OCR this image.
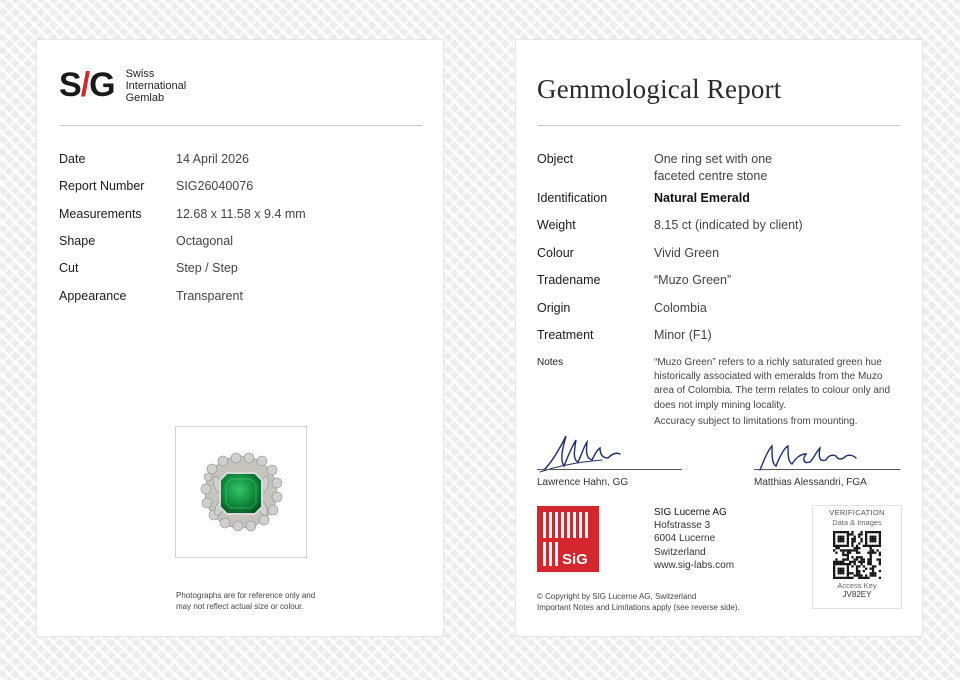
S/G Swiss
International
Gemlab
Date	14 April 2026
Report Number	SIG26040076
Measurements	12.68 x 11.58 x 9.4 mm
Shape	Octagonal
Cut	Step / Step
Appearance	Transparent
Photographs are for reference only and
may not reflect actual size or colour.
Gemmological Report
Object	One ring set with one
faceted centre stone
Identification	Natural Emerald
Weight	8.15 ct (indicated by client)
Colour	Vivid Green
Tradename	“Muzo Green”
Origin	Colombia
Treatment	Minor (F1)
Notes	“Muzo Green” refers to a richly saturated green hue
historically associated with emeralds from the Muzo
area of Colombia. The term relates to colour only and
does not imply mining locality.
Accuracy subject to limitations from mounting.
Lawrence Hahn, GG	Matthias Alessandri, FGA
SiG
SIG Lucerne AG
Hofstrasse 3
6004 Lucerne
Switzerland
www.sig-labs.com
VERIFICATION
Data & Images
Access Key
JV82EY
© Copyright by SIG Lucerne AG, Switzerland
Important Notes and Limitations apply (see reverse side).
